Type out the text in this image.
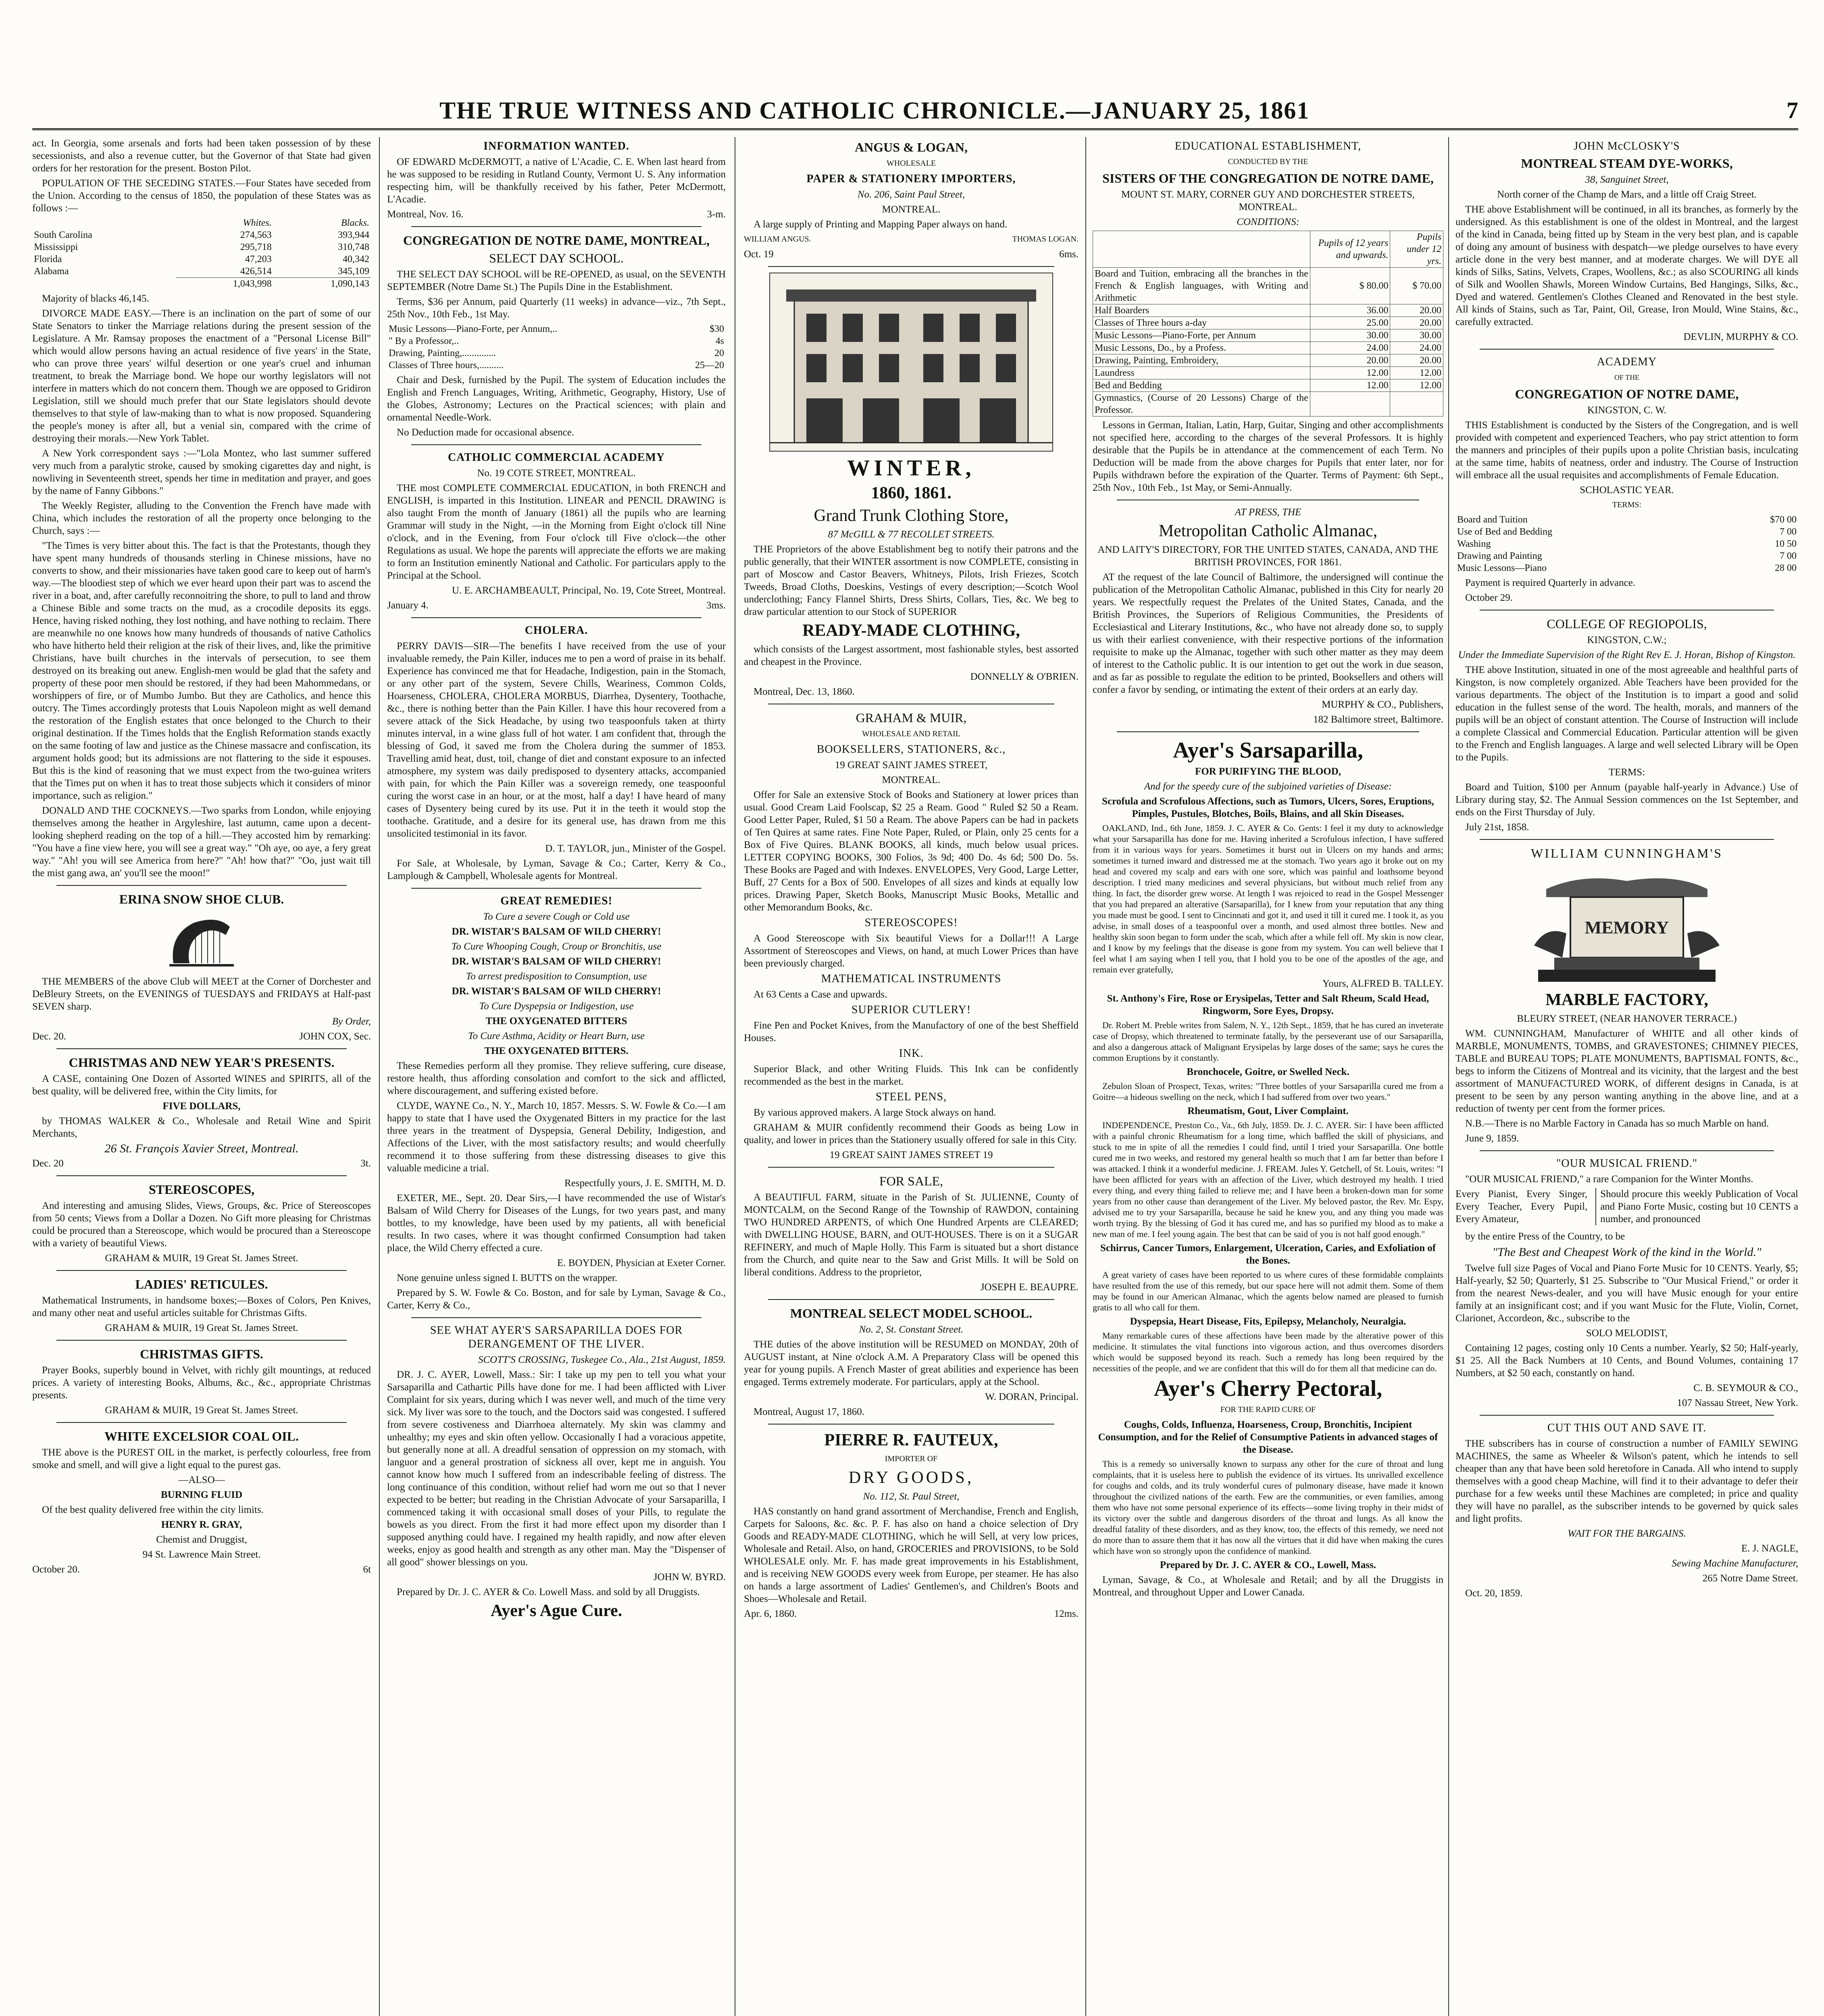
THE TRUE WITNESS AND CATHOLIC CHRONICLE.—JANUARY 25, 1861	7

act. In Georgia, some arsenals and forts had been taken possession of by these secessionists, and also a revenue cutter, but the Governor of that State had given orders for her restoration for the present. Boston Pilot.

POPULATION OF THE SECEDING STATES.—Four States have seceded from the Union. According to the census of 1850, the population of these States was as follows :—

	Whites.	Blacks.
South Carolina	274,563	393,944
Mississippi	295,718	310,748
Florida	47,203	40,342
Alabama	426,514	345,109
	1,043,998	1,090,143

Majority of blacks 46,145.

DIVORCE MADE EASY.—There is an inclination on the part of some of our State Senators to tinker the Marriage relations during the present session of the Legislature. A Mr. Ramsay proposes the enactment of a "Personal License Bill" which would allow persons having an actual residence of five years' in the State, who can prove three years' wilful desertion or one year's cruel and inhuman treatment, to break the Marriage bond. We hope our worthy legislators will not interfere in matters which do not concern them. Though we are opposed to Gridiron Legislation, still we should much prefer that our State legislators should devote themselves to that style of law-making than to what is now proposed. Squandering the people's money is after all, but a venial sin, compared with the crime of destroying their morals.—New York Tablet.

A New York correspondent says :—"Lola Montez, who last summer suffered very much from a paralytic stroke, caused by smoking cigarettes day and night, is nowliving in Seventeenth street, spends her time in meditation and prayer, and goes by the name of Fanny Gibbons."

The Weekly Register, alluding to the Convention the French have made with China, which includes the restoration of all the property once belonging to the Church, says :—

"The Times is very bitter about this. The fact is that the Protestants, though they have spent many hundreds of thousands sterling in Chinese missions, have no converts to show, and their missionaries have taken good care to keep out of harm's way.—The bloodiest step of which we ever heard upon their part was to ascend the river in a boat, and, after carefully reconnoitring the shore, to pull to land and throw a Chinese Bible and some tracts on the mud, as a crocodile deposits its eggs. Hence, having risked nothing, they lost nothing, and have nothing to reclaim. There are meanwhile no one knows how many hundreds of thousands of native Catholics who have hitherto held their religion at the risk of their lives, and, like the primitive Christians, have built churches in the intervals of persecution, to see them destroyed on its breaking out anew. English-men would be glad that the safety and property of these poor men should be restored, if they had been Mahommedans, or worshippers of fire, or of Mumbo Jumbo. But they are Catholics, and hence this outcry. The Times accordingly protests that Louis Napoleon might as well demand the restoration of the English estates that once belonged to the Church to their original destination. If the Times holds that the English Reformation stands exactly on the same footing of law and justice as the Chinese massacre and confiscation, its argument holds good; but its admissions are not flattering to the side it espouses. But this is the kind of reasoning that we must expect from the two-guinea writers that the Times put on when it has to treat those subjects which it considers of minor importance, such as religion."

DONALD AND THE COCKNEYS.—Two sparks from London, while enjoying themselves among the heather in Argyleshire, last autumn, came upon a decent-looking shepherd reading on the top of a hill.—They accosted him by remarking: "You have a fine view here, you will see a great way." "Oh aye, oo aye, a fery great way." "Ah! you will see America from here?" "Ah! how that?" "Oo, just wait till the mist gang awa, an' you'll see the moon!"

ERINA SNOW SHOE CLUB.

THE MEMBERS of the above Club will MEET at the Corner of Dorchester and DeBleury Streets, on the EVENINGS of TUESDAYS and FRIDAYS at Half-past SEVEN sharp.

By Order,

Dec. 20.	JOHN COX, Sec.

CHRISTMAS AND NEW YEAR'S PRESENTS.

A CASE, containing One Dozen of Assorted WINES and SPIRITS, all of the best quality, will be delivered free, within the City limits, for

FIVE DOLLARS,

by THOMAS WALKER & Co., Wholesale and Retail Wine and Spirit Merchants,

26 St. François Xavier Street, Montreal.

Dec. 20	3t.

STEREOSCOPES,

And interesting and amusing Slides, Views, Groups, &c. Price of Stereoscopes from 50 cents; Views from a Dollar a Dozen. No Gift more pleasing for Christmas could be procured than a Stereoscope, which would be procured than a Stereoscope with a variety of beautiful Views.

GRAHAM & MUIR, 19 Great St. James Street.

LADIES' RETICULES.

Mathematical Instruments, in handsome boxes;—Boxes of Colors, Pen Knives, and many other neat and useful articles suitable for Christmas Gifts.

GRAHAM & MUIR, 19 Great St. James Street.

CHRISTMAS GIFTS.

Prayer Books, superbly bound in Velvet, with richly gilt mountings, at reduced prices. A variety of interesting Books, Albums, &c., &c., appropriate Christmas presents.

GRAHAM & MUIR, 19 Great St. James Street.

WHITE EXCELSIOR COAL OIL.

THE above is the PUREST OIL in the market, is perfectly colourless, free from smoke and smell, and will give a light equal to the purest gas.

—ALSO—

BURNING FLUID

Of the best quality delivered free within the city limits.

HENRY R. GRAY,

Chemist and Druggist,

94 St. Lawrence Main Street.

October 20.	6t

INFORMATION WANTED.

OF EDWARD McDERMOTT, a native of L'Acadie, C. E. When last heard from he was supposed to be residing in Rutland County, Vermont U. S. Any information respecting him, will be thankfully received by his father, Peter McDermott, L'Acadie.

Montreal, Nov. 16.	3-m.

CONGREGATION DE NOTRE DAME, MONTREAL,
SELECT DAY SCHOOL.

THE SELECT DAY SCHOOL will be RE-OPENED, as usual, on the SEVENTH SEPTEMBER (Notre Dame St.) The Pupils Dine in the Establishment.

Terms, $36 per Annum, paid Quarterly (11 weeks) in advance—viz., 7th Sept., 25th Nov., 10th Feb., 1st May.

Music Lessons—Piano-Forte, per Annum,..	$30
" By a Professor,..	4s
Drawing, Painting,..............	20
Classes of Three hours,..........	25—20

Chair and Desk, furnished by the Pupil. The system of Education includes the English and French Languages, Writing, Arithmetic, Geography, History, Use of the Globes, Astronomy; Lectures on the Practical sciences; with plain and ornamental Needle-Work.

No Deduction made for occasional absence.

CATHOLIC COMMERCIAL ACADEMY

No. 19 COTE STREET, MONTREAL.

THE most COMPLETE COMMERCIAL EDUCATION, in both FRENCH and ENGLISH, is imparted in this Institution. LINEAR and PENCIL DRAWING is also taught From the month of January (1861) all the pupils who are learning Grammar will study in the Night, —in the Morning from Eight o'clock till Nine o'clock, and in the Evening, from Four o'clock till Five o'clock—the other Regulations as usual. We hope the parents will appreciate the efforts we are making to form an Institution eminently National and Catholic. For particulars apply to the Principal at the School.

U. E. ARCHAMBEAULT, Principal, No. 19, Cote Street, Montreal.

January 4.	3ms.

CHOLERA.

PERRY DAVIS—SIR—The benefits I have received from the use of your invaluable remedy, the Pain Killer, induces me to pen a word of praise in its behalf. Experience has convinced me that for Headache, Indigestion, pain in the Stomach, or any other part of the system, Severe Chills, Weariness, Common Colds, Hoarseness, CHOLERA, CHOLERA MORBUS, Diarrhea, Dysentery, Toothache, &c., there is nothing better than the Pain Killer. I have this hour recovered from a severe attack of the Sick Headache, by using two teaspoonfuls taken at thirty minutes interval, in a wine glass full of hot water. I am confident that, through the blessing of God, it saved me from the Cholera during the summer of 1853. Travelling amid heat, dust, toil, change of diet and constant exposure to an infected atmosphere, my system was daily predisposed to dysentery attacks, accompanied with pain, for which the Pain Killer was a sovereign remedy, one teaspoonful curing the worst case in an hour, or at the most, half a day! I have heard of many cases of Dysentery being cured by its use. Put it in the teeth it would stop the toothache. Gratitude, and a desire for its general use, has drawn from me this unsolicited testimonial in its favor.

D. T. TAYLOR, jun., Minister of the Gospel.

For Sale, at Wholesale, by Lyman, Savage & Co.; Carter, Kerry & Co., Lamplough & Campbell, Wholesale agents for Montreal.

GREAT REMEDIES!

To Cure a severe Cough or Cold use

DR. WISTAR'S BALSAM OF WILD CHERRY!

To Cure Whooping Cough, Croup or Bronchitis, use

DR. WISTAR'S BALSAM OF WILD CHERRY!

To arrest predisposition to Consumption, use

DR. WISTAR'S BALSAM OF WILD CHERRY!

To Cure Dyspepsia or Indigestion, use

THE OXYGENATED BITTERS

To Cure Asthma, Acidity or Heart Burn, use

THE OXYGENATED BITTERS.

These Remedies perform all they promise. They relieve suffering, cure disease, restore health, thus affording consolation and comfort to the sick and afflicted, where discouragement, and suffering existed before.

CLYDE, WAYNE Co., N. Y., March 10, 1857. Messrs. S. W. Fowle & Co.—I am happy to state that I have used the Oxygenated Bitters in my practice for the last three years in the treatment of Dyspepsia, General Debility, Indigestion, and Affections of the Liver, with the most satisfactory results; and would cheerfully recommend it to those suffering from these distressing diseases to give this valuable medicine a trial.

Respectfully yours, J. E. SMITH, M. D.

EXETER, ME., Sept. 20. Dear Sirs,—I have recommended the use of Wistar's Balsam of Wild Cherry for Diseases of the Lungs, for two years past, and many bottles, to my knowledge, have been used by my patients, all with beneficial results. In two cases, where it was thought confirmed Consumption had taken place, the Wild Cherry effected a cure.

E. BOYDEN, Physician at Exeter Corner.

None genuine unless signed I. BUTTS on the wrapper.

Prepared by S. W. Fowle & Co. Boston, and for sale by Lyman, Savage & Co., Carter, Kerry & Co.,

SEE WHAT AYER'S SARSAPARILLA DOES FOR DERANGEMENT OF THE LIVER.

SCOTT'S CROSSING, Tuskegee Co., Ala., 21st August, 1859.

DR. J. C. AYER, Lowell, Mass.: Sir: I take up my pen to tell you what your Sarsaparilla and Cathartic Pills have done for me. I had been afflicted with Liver Complaint for six years, during which I was never well, and much of the time very sick. My liver was sore to the touch, and the Doctors said was congested. I suffered from severe costiveness and Diarrhoea alternately. My skin was clammy and unhealthy; my eyes and skin often yellow. Occasionally I had a voracious appetite, but generally none at all. A dreadful sensation of oppression on my stomach, with languor and a general prostration of sickness all over, kept me in anguish. You cannot know how much I suffered from an indescribable feeling of distress. The long continuance of this condition, without relief had worn me out so that I never expected to be better; but reading in the Christian Advocate of your Sarsaparilla, I commenced taking it with occasional small doses of your Pills, to regulate the bowels as you direct. From the first it had more effect upon my disorder than I supposed anything could have. I regained my health rapidly, and now after eleven weeks, enjoy as good health and strength as any other man. May the "Dispenser of all good" shower blessings on you.

JOHN W. BYRD.

Prepared by Dr. J. C. AYER & Co. Lowell Mass. and sold by all Druggists.

Ayer's Ague Cure.
ANGUS & LOGAN,

WHOLESALE

PAPER & STATIONERY IMPORTERS,

No. 206, Saint Paul Street,

MONTREAL.

A large supply of Printing and Mapping Paper always on hand.

WILLIAM ANGUS.	THOMAS LOGAN.

Oct. 19	6ms.

WINTER,
1860, 1861.
Grand Trunk Clothing Store,

87 McGILL & 77 RECOLLET STREETS.

THE Proprietors of the above Establishment beg to notify their patrons and the public generally, that their WINTER assortment is now COMPLETE, consisting in part of Moscow and Castor Beavers, Whitneys, Pilots, Irish Friezes, Scotch Tweeds, Broad Cloths, Doeskins, Vestings of every description;—Scotch Wool underclothing; Fancy Flannel Shirts, Dress Shirts, Collars, Ties, &c. We beg to draw particular attention to our Stock of SUPERIOR

READY-MADE CLOTHING,

which consists of the Largest assortment, most fashionable styles, best assorted and cheapest in the Province.

DONNELLY & O'BRIEN.

Montreal, Dec. 13, 1860.

GRAHAM & MUIR,

WHOLESALE AND RETAIL

BOOKSELLERS, STATIONERS, &c.,

19 GREAT SAINT JAMES STREET,

MONTREAL.

Offer for Sale an extensive Stock of Books and Stationery at lower prices than usual. Good Cream Laid Foolscap, $2 25 a Ream. Good " Ruled $2 50 a Ream. Good Letter Paper, Ruled, $1 50 a Ream. The above Papers can be had in packets of Ten Quires at same rates. Fine Note Paper, Ruled, or Plain, only 25 cents for a Box of Five Quires. BLANK BOOKS, all kinds, much below usual prices. LETTER COPYING BOOKS, 300 Folios, 3s 9d; 400 Do. 4s 6d; 500 Do. 5s. These Books are Paged and with Indexes. ENVELOPES, Very Good, Large Letter, Buff, 27 Cents for a Box of 500. Envelopes of all sizes and kinds at equally low prices. Drawing Paper, Sketch Books, Manuscript Music Books, Metallic and other Memorandum Books, &c.

STEREOSCOPES!

A Good Stereoscope with Six beautiful Views for a Dollar!!! A Large Assortment of Stereoscopes and Views, on hand, at much Lower Prices than have been previously charged.

MATHEMATICAL INSTRUMENTS

At 63 Cents a Case and upwards.

SUPERIOR CUTLERY!

Fine Pen and Pocket Knives, from the Manufactory of one of the best Sheffield Houses.

INK.

Superior Black, and other Writing Fluids. This Ink can be confidently recommended as the best in the market.

STEEL PENS,

By various approved makers. A large Stock always on hand.

GRAHAM & MUIR confidently recommend their Goods as being Low in quality, and lower in prices than the Stationery usually offered for sale in this City.

19 GREAT SAINT JAMES STREET 19

FOR SALE,

A BEAUTIFUL FARM, situate in the Parish of St. JULIENNE, County of MONTCALM, on the Second Range of the Township of RAWDON, containing TWO HUNDRED ARPENTS, of which One Hundred Arpents are CLEARED; with DWELLING HOUSE, BARN, and OUT-HOUSES. There is on it a SUGAR REFINERY, and much of Maple Holly. This Farm is situated but a short distance from the Church, and quite near to the Saw and Grist Mills. It will be Sold on liberal conditions. Address to the proprietor,

JOSEPH E. BEAUPRE.

MONTREAL SELECT MODEL SCHOOL.

No. 2, St. Constant Street.

THE duties of the above institution will be RESUMED on MONDAY, 20th of AUGUST instant, at Nine o'clock A.M. A Preparatory Class will be opened this year for young pupils. A French Master of great abilities and experience has been engaged. Terms extremely moderate. For particulars, apply at the School.

W. DORAN, Principal.

Montreal, August 17, 1860.

PIERRE R. FAUTEUX,

IMPORTER OF

DRY GOODS,

No. 112, St. Paul Street,

HAS constantly on hand grand assortment of Merchandise, French and English, Carpets for Saloons, &c. &c. P. F. has also on hand a choice selection of Dry Goods and READY-MADE CLOTHING, which he will Sell, at very low prices, Wholesale and Retail. Also, on hand, GROCERIES and PROVISIONS, to be Sold WHOLESALE only. Mr. F. has made great improvements in his Establishment, and is receiving NEW GOODS every week from Europe, per steamer. He has also on hands a large assortment of Ladies' Gentlemen's, and Children's Boots and Shoes—Wholesale and Retail.

Apr. 6, 1860.	12ms.

EDUCATIONAL ESTABLISHMENT,

CONDUCTED BY THE

SISTERS OF THE CONGREGATION DE NOTRE DAME,

MOUNT ST. MARY, CORNER GUY AND DORCHESTER STREETS, MONTREAL.

CONDITIONS:

	Pupils of 12 years and upwards.	Pupils under 12 yrs.
Board and Tuition, embracing all the branches in the French & English languages, with Writing and Arithmetic	$ 80.00	$ 70.00
Half Boarders	36.00	20.00
Classes of Three hours a-day	25.00	20.00
Music Lessons—Piano-Forte, per Annum	30.00	30.00
Music Lessons, Do., by a Profess.	24.00	24.00
Drawing, Painting, Embroidery,	20.00	20.00
Laundress	12.00	12.00
Bed and Bedding	12.00	12.00
Gymnastics, (Course of 20 Lessons) Charge of the Professor.		

Lessons in German, Italian, Latin, Harp, Guitar, Singing and other accomplishments not specified here, according to the charges of the several Professors. It is highly desirable that the Pupils be in attendance at the commencement of each Term. No Deduction will be made from the above charges for Pupils that enter later, nor for Pupils withdrawn before the expiration of the Quarter. Terms of Payment: 6th Sept., 25th Nov., 10th Feb., 1st May, or Semi-Annually.

AT PRESS, THE

Metropolitan Catholic Almanac,

AND LAITY'S DIRECTORY, FOR THE UNITED STATES, CANADA, AND THE BRITISH PROVINCES, FOR 1861.

AT the request of the late Council of Baltimore, the undersigned will continue the publication of the Metropolitan Catholic Almanac, published in this City for nearly 20 years. We respectfully request the Prelates of the United States, Canada, and the British Provinces, the Superiors of Religious Communities, the Presidents of Ecclesiastical and Literary Institutions, &c., who have not already done so, to supply us with their earliest convenience, with their respective portions of the information requisite to make up the Almanac, together with such other matter as they may deem of interest to the Catholic public. It is our intention to get out the work in due season, and as far as possible to regulate the edition to be printed, Booksellers and others will confer a favor by sending, or intimating the extent of their orders at an early day.

MURPHY & CO., Publishers,

182 Baltimore street, Baltimore.

Ayer's Sarsaparilla,

FOR PURIFYING THE BLOOD,

And for the speedy cure of the subjoined varieties of Disease:

Scrofula and Scrofulous Affections, such as Tumors, Ulcers, Sores, Eruptions, Pimples, Pustules, Blotches, Boils, Blains, and all Skin Diseases.

OAKLAND, Ind., 6th June, 1859. J. C. AYER & Co. Gents: I feel it my duty to acknowledge what your Sarsaparilla has done for me. Having inherited a Scrofulous infection, I have suffered from it in various ways for years. Sometimes it burst out in Ulcers on my hands and arms; sometimes it turned inward and distressed me at the stomach. Two years ago it broke out on my head and covered my scalp and ears with one sore, which was painful and loathsome beyond description. I tried many medicines and several physicians, but without much relief from any thing. In fact, the disorder grew worse. At length I was rejoiced to read in the Gospel Messenger that you had prepared an alterative (Sarsaparilla), for I knew from your reputation that any thing you made must be good. I sent to Cincinnati and got it, and used it till it cured me. I took it, as you advise, in small doses of a teaspoonful over a month, and used almost three bottles. New and healthy skin soon began to form under the scab, which after a while fell off. My skin is now clear, and I know by my feelings that the disease is gone from my system. You can well believe that I feel what I am saying when I tell you, that I hold you to be one of the apostles of the age, and remain ever gratefully,

Yours, ALFRED B. TALLEY.

St. Anthony's Fire, Rose or Erysipelas, Tetter and Salt Rheum, Scald Head, Ringworm, Sore Eyes, Dropsy.

Dr. Robert M. Preble writes from Salem, N. Y., 12th Sept., 1859, that he has cured an inveterate case of Dropsy, which threatened to terminate fatally, by the perseverant use of our Sarsaparilla, and also a dangerous attack of Malignant Erysipelas by large doses of the same; says he cures the common Eruptions by it constantly.

Bronchocele, Goitre, or Swelled Neck.

Zebulon Sloan of Prospect, Texas, writes: "Three bottles of your Sarsaparilla cured me from a Goitre—a hideous swelling on the neck, which I had suffered from over two years."

Rheumatism, Gout, Liver Complaint.

INDEPENDENCE, Preston Co., Va., 6th July, 1859. Dr. J. C. AYER. Sir: I have been afflicted with a painful chronic Rheumatism for a long time, which baffled the skill of physicians, and stuck to me in spite of all the remedies I could find, until I tried your Sarsaparilla. One bottle cured me in two weeks, and restored my general health so much that I am far better than before I was attacked. I think it a wonderful medicine. J. FREAM. Jules Y. Getchell, of St. Louis, writes: "I have been afflicted for years with an affection of the Liver, which destroyed my health. I tried every thing, and every thing failed to relieve me; and I have been a broken-down man for some years from no other cause than derangement of the Liver. My beloved pastor, the Rev. Mr. Espy, advised me to try your Sarsaparilla, because he said he knew you, and any thing you made was worth trying. By the blessing of God it has cured me, and has so purified my blood as to make a new man of me. I feel young again. The best that can be said of you is not half good enough."

Schirrus, Cancer Tumors, Enlargement, Ulceration, Caries, and Exfoliation of the Bones.

A great variety of cases have been reported to us where cures of these formidable complaints have resulted from the use of this remedy, but our space here will not admit them. Some of them may be found in our American Almanac, which the agents below named are pleased to furnish gratis to all who call for them.

Dyspepsia, Heart Disease, Fits, Epilepsy, Melancholy, Neuralgia.

Many remarkable cures of these affections have been made by the alterative power of this medicine. It stimulates the vital functions into vigorous action, and thus overcomes disorders which would be supposed beyond its reach. Such a remedy has long been required by the necessities of the people, and we are confident that this will do for them all that medicine can do.

Ayer's Cherry Pectoral,

FOR THE RAPID CURE OF

Coughs, Colds, Influenza, Hoarseness, Croup, Bronchitis, Incipient Consumption, and for the Relief of Consumptive Patients in advanced stages of the Disease.

This is a remedy so universally known to surpass any other for the cure of throat and lung complaints, that it is useless here to publish the evidence of its virtues. Its unrivalled excellence for coughs and colds, and its truly wonderful cures of pulmonary disease, have made it known throughout the civilized nations of the earth. Few are the communities, or even families, among them who have not some personal experience of its effects—some living trophy in their midst of its victory over the subtle and dangerous disorders of the throat and lungs. As all know the dreadful fatality of these disorders, and as they know, too, the effects of this remedy, we need not do more than to assure them that it has now all the virtues that it did have when making the cures which have won so strongly upon the confidence of mankind.

Prepared by Dr. J. C. AYER & CO., Lowell, Mass.

Lyman, Savage, & Co., at Wholesale and Retail; and by all the Druggists in Montreal, and throughout Upper and Lower Canada.

JOHN McCLOSKY'S
MONTREAL STEAM DYE-WORKS,

38, Sanguinet Street,

North corner of the Champ de Mars, and a little off Craig Street.

THE above Establishment will be continued, in all its branches, as formerly by the undersigned. As this establishment is one of the oldest in Montreal, and the largest of the kind in Canada, being fitted up by Steam in the very best plan, and is capable of doing any amount of business with despatch—we pledge ourselves to have every article done in the very best manner, and at moderate charges. We will DYE all kinds of Silks, Satins, Velvets, Crapes, Woollens, &c.; as also SCOURING all kinds of Silk and Woollen Shawls, Moreen Window Curtains, Bed Hangings, Silks, &c., Dyed and watered. Gentlemen's Clothes Cleaned and Renovated in the best style. All kinds of Stains, such as Tar, Paint, Oil, Grease, Iron Mould, Wine Stains, &c., carefully extracted.

DEVLIN, MURPHY & CO.

ACADEMY

OF THE

CONGREGATION OF NOTRE DAME,

KINGSTON, C. W.

THIS Establishment is conducted by the Sisters of the Congregation, and is well provided with competent and experienced Teachers, who pay strict attention to form the manners and principles of their pupils upon a polite Christian basis, inculcating at the same time, habits of neatness, order and industry. The Course of Instruction will embrace all the usual requisites and accomplishments of Female Education.

SCHOLASTIC YEAR.

TERMS:

Board and Tuition	$70 00
Use of Bed and Bedding	7 00
Washing	10 50
Drawing and Painting	7 00
Music Lessons—Piano	28 00

Payment is required Quarterly in advance.

October 29.

COLLEGE OF REGIOPOLIS,

KINGSTON, C.W.;

Under the Immediate Supervision of the Right Rev E. J. Horan, Bishop of Kingston.

THE above Institution, situated in one of the most agreeable and healthful parts of Kingston, is now completely organized. Able Teachers have been provided for the various departments. The object of the Institution is to impart a good and solid education in the fullest sense of the word. The health, morals, and manners of the pupils will be an object of constant attention. The Course of Instruction will include a complete Classical and Commercial Education. Particular attention will be given to the French and English languages. A large and well selected Library will be Open to the Pupils.

TERMS:

Board and Tuition, $100 per Annum (payable half-yearly in Advance.) Use of Library during stay, $2. The Annual Session commences on the 1st September, and ends on the First Thursday of July.

July 21st, 1858.

WILLIAM CUNNINGHAM'S
MEMORY
MARBLE FACTORY,

BLEURY STREET, (NEAR HANOVER TERRACE.)

WM. CUNNINGHAM, Manufacturer of WHITE and all other kinds of MARBLE, MONUMENTS, TOMBS, and GRAVESTONES; CHIMNEY PIECES, TABLE and BUREAU TOPS; PLATE MONUMENTS, BAPTISMAL FONTS, &c., begs to inform the Citizens of Montreal and its vicinity, that the largest and the best assortment of MANUFACTURED WORK, of different designs in Canada, is at present to be seen by any person wanting anything in the above line, and at a reduction of twenty per cent from the former prices.

N.B.—There is no Marble Factory in Canada has so much Marble on hand.

June 9, 1859.

"OUR MUSICAL FRIEND."

"OUR MUSICAL FRIEND," a rare Companion for the Winter Months.

Every Pianist, Every Singer, Every Teacher, Every Pupil, Every Amateur,

Should procure this weekly Publication of Vocal and Piano Forte Music, costing but 10 CENTS a number, and pronounced

by the entire Press of the Country, to be

"The Best and Cheapest Work of the kind in the World."

Twelve full size Pages of Vocal and Piano Forte Music for 10 CENTS. Yearly, $5; Half-yearly, $2 50; Quarterly, $1 25. Subscribe to "Our Musical Friend," or order it from the nearest News-dealer, and you will have Music enough for your entire family at an insignificant cost; and if you want Music for the Flute, Violin, Cornet, Clarionet, Accordeon, &c., subscribe to the

SOLO MELODIST,

Containing 12 pages, costing only 10 Cents a number. Yearly, $2 50; Half-yearly, $1 25. All the Back Numbers at 10 Cents, and Bound Volumes, containing 17 Numbers, at $2 50 each, constantly on hand.

C. B. SEYMOUR & CO.,

107 Nassau Street, New York.

CUT THIS OUT AND SAVE IT.

THE subscribers has in course of construction a number of FAMILY SEWING MACHINES, the same as Wheeler & Wilson's patent, which he intends to sell cheaper than any that have been sold heretofore in Canada. All who intend to supply themselves with a good cheap Machine, will find it to their advantage to defer their purchase for a few weeks until these Machines are completed; in price and quality they will have no parallel, as the subscriber intends to be governed by quick sales and light profits.

WAIT FOR THE BARGAINS.

E. J. NAGLE,

Sewing Machine Manufacturer,

265 Notre Dame Street.

Oct. 20, 1859.
